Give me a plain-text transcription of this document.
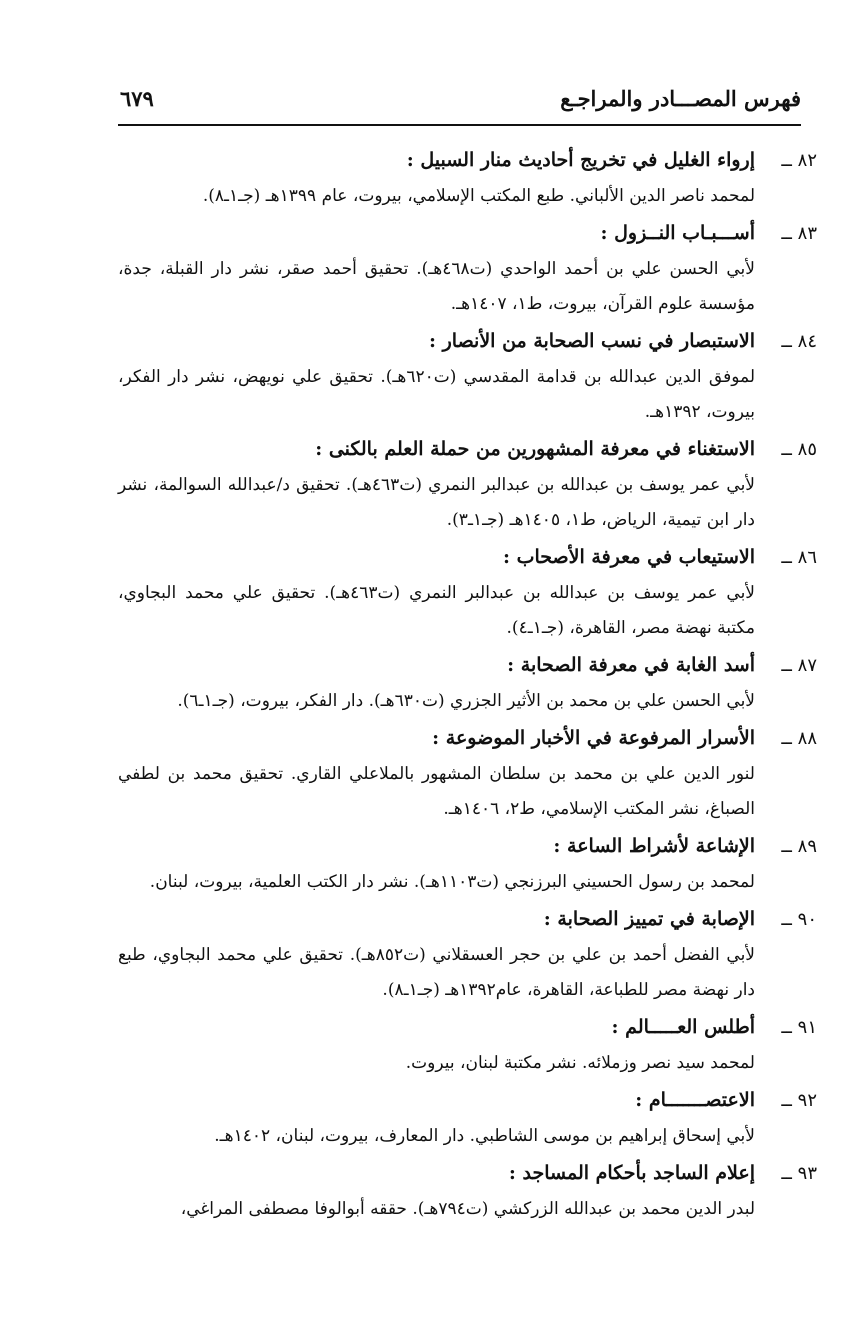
فهرس المصـــادر والمراجـع
٦٧٩
٨٢ ــ
إرواء الغليل في تخريج أحاديث منار السبيل :
لمحمد ناصر الدين الألباني. طبع المكتب الإسلامي، بيروت، عام ١٣٩٩هـ (جـ١ـ٨).
٨٣ ــ
أســـبـاب النــزول :
لأبي الحسن علي بن أحمد الواحدي (ت٤٦٨هـ). تحقيق أحمد صقر، نشر دار القبلة، جدة، مؤسسة علوم القرآن، بيروت، ط١، ١٤٠٧هـ.
٨٤ ــ
الاستبصار في نسب الصحابة من الأنصار :
لموفق الدين عبدالله بن قدامة المقدسي (ت٦٢٠هـ). تحقيق علي نويهض، نشر دار الفكر، بيروت، ١٣٩٢هـ.
٨٥ ــ
الاستغناء في معرفة المشهورين من حملة العلم بالكنى :
لأبي عمر يوسف بن عبدالله بن عبدالبر النمري (ت٤٦٣هـ). تحقيق د/عبدالله السوالمة، نشر دار ابن تيمية، الرياض، ط١، ١٤٠٥هـ (جـ١ـ٣).
٨٦ ــ
الاستيعاب في معرفة الأصحاب :
لأبي عمر يوسف بن عبدالله بن عبدالبر النمري (ت٤٦٣هـ). تحقيق علي محمد البجاوي، مكتبة نهضة مصر، القاهرة، (جـ١ـ٤).
٨٧ ــ
أسد الغابة في معرفة الصحابة :
لأبي الحسن علي بن محمد بن الأثير الجزري (ت٦٣٠هـ). دار الفكر، بيروت، (جـ١ـ٦).
٨٨ ــ
الأسرار المرفوعة في الأخبار الموضوعة :
لنور الدين علي بن محمد بن سلطان المشهور بالملاعلي القاري. تحقيق محمد بن لطفي الصباغ، نشر المكتب الإسلامي، ط٢، ١٤٠٦هـ.
٨٩ ــ
الإشاعة لأشراط الساعة :
لمحمد بن رسول الحسيني البرزنجي (ت١١٠٣هـ). نشر دار الكتب العلمية، بيروت، لبنان.
٩٠ ــ
الإصابة في تمييز الصحابة :
لأبي الفضل أحمد بن علي بن حجر العسقلاني (ت٨٥٢هـ). تحقيق علي محمد البجاوي، طبع دار نهضة مصر للطباعة، القاهرة، عام١٣٩٢هـ (جـ١ـ٨).
٩١ ــ
أطلس العـــــالم :
لمحمد سيد نصر وزملائه. نشر مكتبة لبنان، بيروت.
٩٢ ــ
الاعتصـــــــام :
لأبي إسحاق إبراهيم بن موسى الشاطبي. دار المعارف، بيروت، لبنان، ١٤٠٢هـ.
٩٣ ــ
إعلام الساجد بأحكام المساجد :
لبدر الدين محمد بن عبدالله الزركشي (ت٧٩٤هـ). حققه أبوالوفا مصطفى المراغي،
